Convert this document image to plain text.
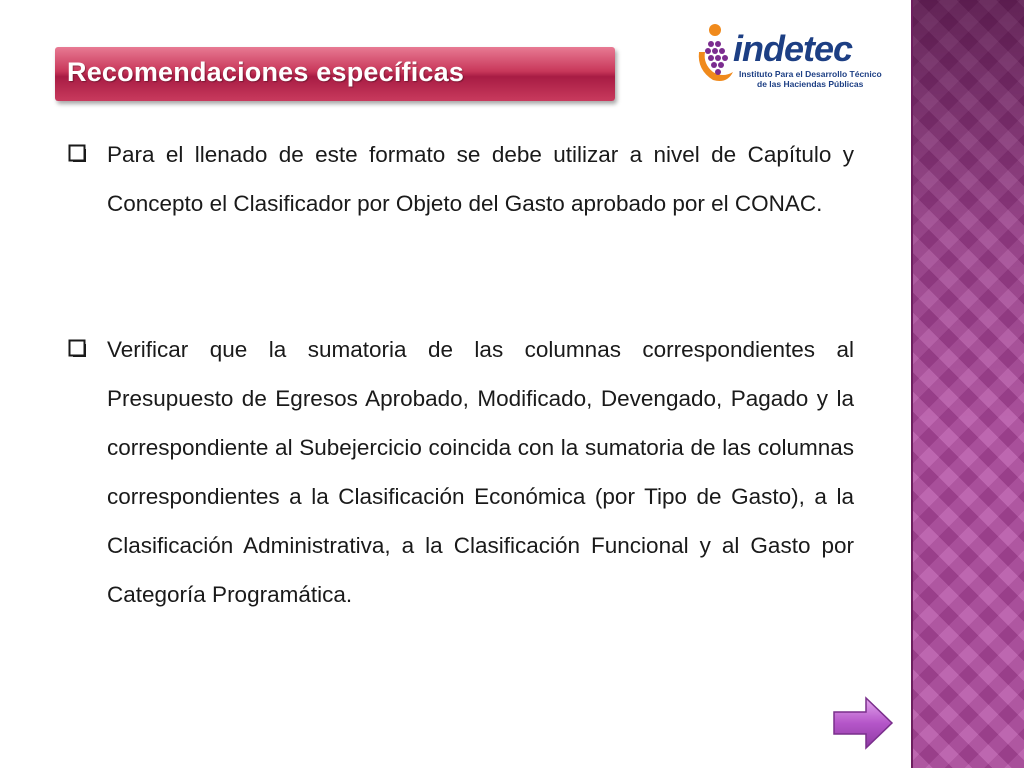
Recomendaciones específicas
indetec
Instituto Para el Desarrollo Técnico
de las Haciendas Públicas
Para el llenado de este formato se debe utilizar a nivel de Capítulo y Concepto el Clasificador por Objeto del Gasto aprobado por el CONAC.
Verificar que la sumatoria de las columnas correspondientes al Presupuesto de Egresos Aprobado, Modificado, Devengado, Pagado y la correspondiente al Subejercicio coincida con la sumatoria de las columnas correspondientes a la Clasificación Económica (por Tipo de Gasto), a la Clasificación Administrativa, a la Clasificación Funcional y al Gasto por Categoría Programática.
